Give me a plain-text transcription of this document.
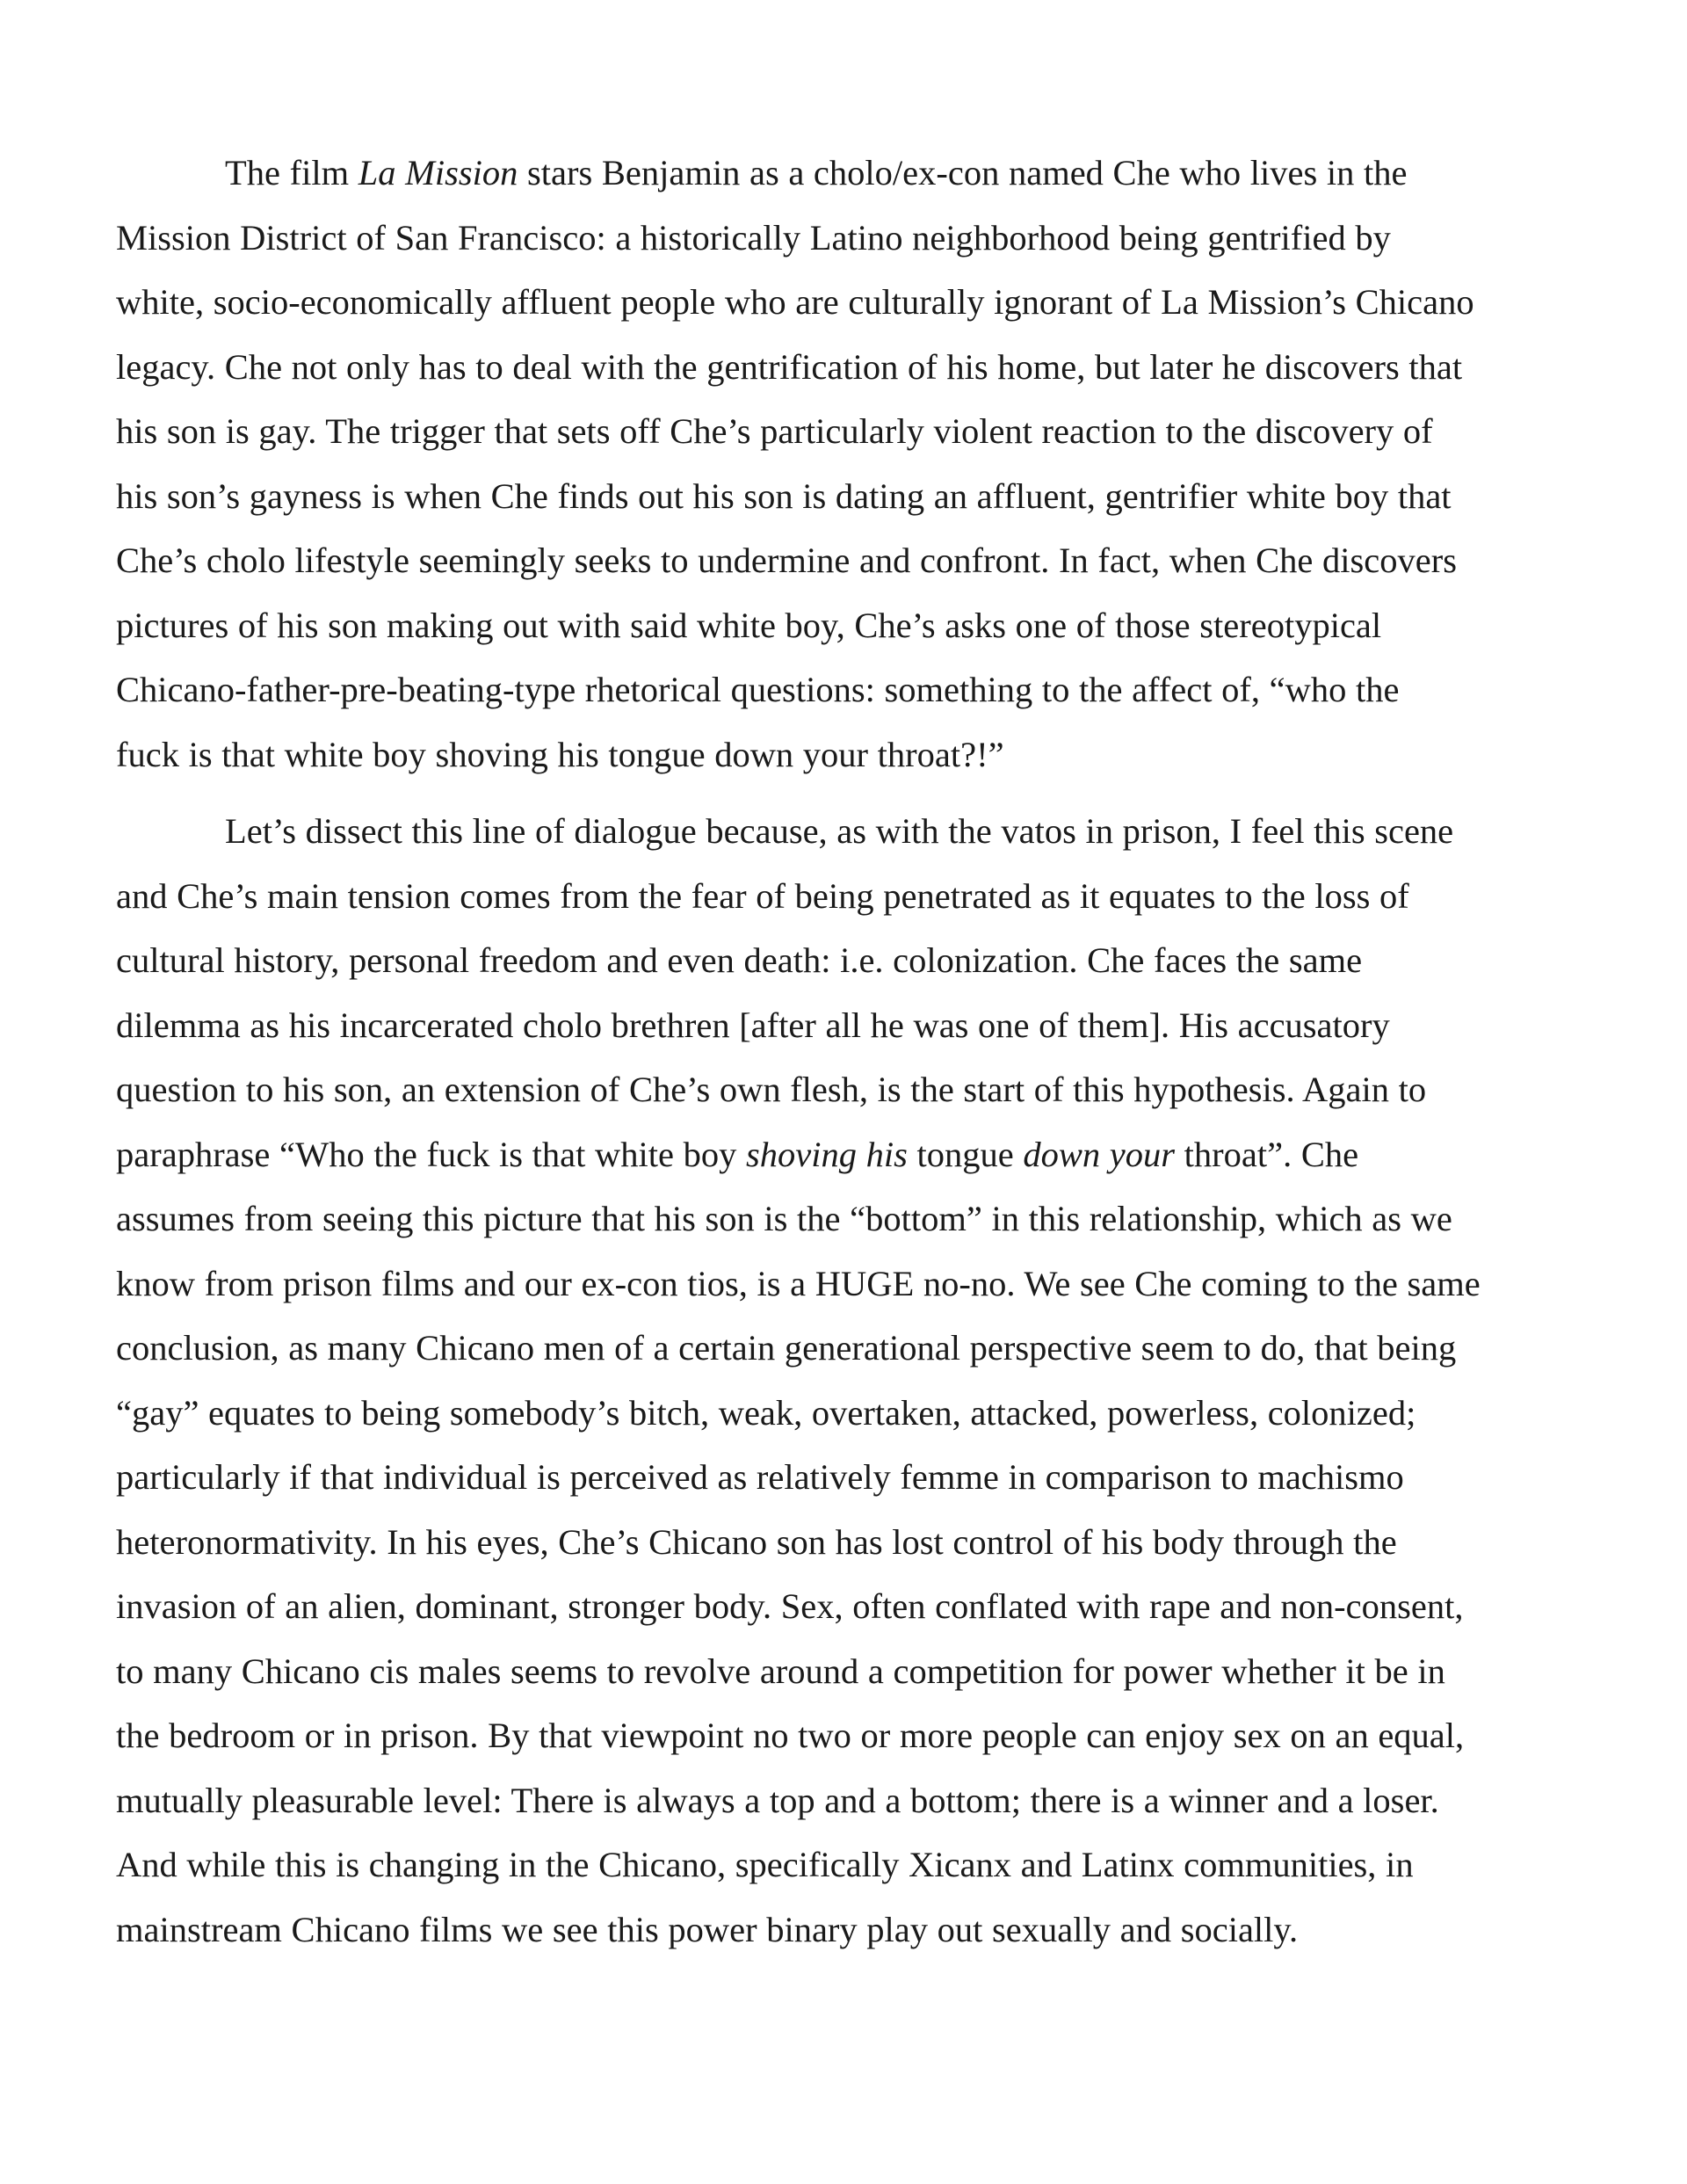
The film La Mission stars Benjamin as a cholo/ex-con named Che who lives in the
Mission District of San Francisco: a historically Latino neighborhood being gentrified by
white, socio-economically affluent people who are culturally ignorant of La Mission’s Chicano
legacy. Che not only has to deal with the gentrification of his home, but later he discovers that
his son is gay. The trigger that sets off Che’s particularly violent reaction to the discovery of
his son’s gayness is when Che finds out his son is dating an affluent, gentrifier white boy that
Che’s cholo lifestyle seemingly seeks to undermine and confront. In fact, when Che discovers
pictures of his son making out with said white boy, Che’s asks one of those stereotypical
Chicano-father-pre-beating-type rhetorical questions: something to the affect of, “who the
fuck is that white boy shoving his tongue down your throat?!”

Let’s dissect this line of dialogue because, as with the vatos in prison, I feel this scene
and Che’s main tension comes from the fear of being penetrated as it equates to the loss of
cultural history, personal freedom and even death: i.e. colonization. Che faces the same
dilemma as his incarcerated cholo brethren [after all he was one of them]. His accusatory
question to his son, an extension of Che’s own flesh, is the start of this hypothesis. Again to
paraphrase “Who the fuck is that white boy shoving his tongue down your throat”. Che
assumes from seeing this picture that his son is the “bottom” in this relationship, which as we
know from prison films and our ex-con tios, is a HUGE no-no. We see Che coming to the same
conclusion, as many Chicano men of a certain generational perspective seem to do, that being
“gay” equates to being somebody’s bitch, weak, overtaken, attacked, powerless, colonized;
particularly if that individual is perceived as relatively femme in comparison to machismo
heteronormativity. In his eyes, Che’s Chicano son has lost control of his body through the
invasion of an alien, dominant, stronger body. Sex, often conflated with rape and non-consent,
to many Chicano cis males seems to revolve around a competition for power whether it be in
the bedroom or in prison. By that viewpoint no two or more people can enjoy sex on an equal,
mutually pleasurable level: There is always a top and a bottom; there is a winner and a loser.
And while this is changing in the Chicano, specifically Xicanx and Latinx communities, in
mainstream Chicano films we see this power binary play out sexually and socially.
